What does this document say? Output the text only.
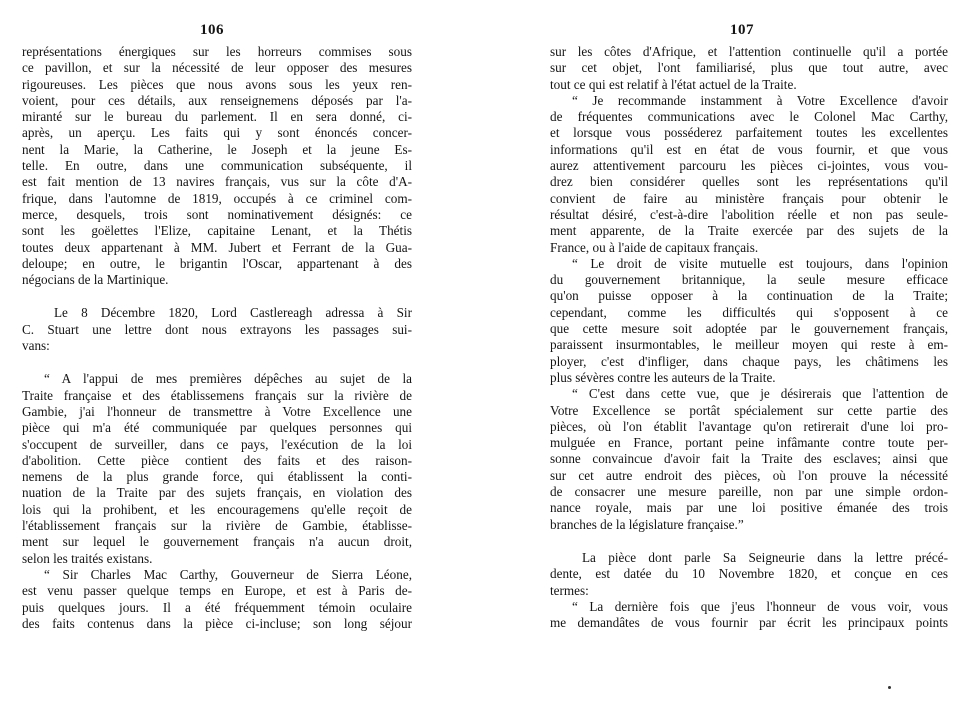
106
représentations énergiques sur les horreurs commises sous
ce pavillon, et sur la nécessité de leur opposer des mesures
rigoureuses. Les pièces que nous avons sous les yeux ren-
voient, pour ces détails, aux renseignemens déposés par l'a-
miranté sur le bureau du parlement. Il en sera donné, ci-
après, un aperçu. Les faits qui y sont énoncés concer-
nent la Marie, la Catherine, le Joseph et la jeune Es-
telle. En outre, dans une communication subséquente, il
est fait mention de 13 navires français, vus sur la côte d'A-
frique, dans l'automne de 1819, occupés à ce criminel com-
merce, desquels, trois sont nominativement désignés: ce
sont les goëlettes l'Elize, capitaine Lenant, et la Thétis
toutes deux appartenant à MM. Jubert et Ferrant de la Gua-
deloupe; en outre, le brigantin l'Oscar, appartenant à des
négocians de la Martinique.
Le 8 Décembre 1820, Lord Castlereagh adressa à Sir
C. Stuart une lettre dont nous extrayons les passages sui-
vans:
“ A l'appui de mes premières dépêches au sujet de la
Traite française et des établissemens français sur la rivière de
Gambie, j'ai l'honneur de transmettre à Votre Excellence une
pièce qui m'a été communiquée par quelques personnes qui
s'occupent de surveiller, dans ce pays, l'exécution de la loi
d'abolition. Cette pièce contient des faits et des raison-
nemens de la plus grande force, qui établissent la conti-
nuation de la Traite par des sujets français, en violation des
lois qui la prohibent, et les encouragemens qu'elle reçoit de
l'établissement français sur la rivière de Gambie, établisse-
ment sur lequel le gouvernement français n'a aucun droit,
selon les traités existans.
“ Sir Charles Mac Carthy, Gouverneur de Sierra Léone,
est venu passer quelque temps en Europe, et est à Paris de-
puis quelques jours. Il a été fréquemment témoin oculaire
des faits contenus dans la pièce ci-incluse; son long séjour
107
sur les côtes d'Afrique, et l'attention continuelle qu'il a portée
sur cet objet, l'ont familiarisé, plus que tout autre, avec
tout ce qui est relatif à l'état actuel de la Traite.
“ Je recommande instamment à Votre Excellence d'avoir
de fréquentes communications avec le Colonel Mac Carthy,
et lorsque vous posséderez parfaitement toutes les excellentes
informations qu'il est en état de vous fournir, et que vous
aurez attentivement parcouru les pièces ci-jointes, vous vou-
drez bien considérer quelles sont les représentations qu'il
convient de faire au ministère français pour obtenir le
résultat désiré, c'est-à-dire l'abolition réelle et non pas seule-
ment apparente, de la Traite exercée par des sujets de la
France, ou à l'aide de capitaux français.
“ Le droit de visite mutuelle est toujours, dans l'opinion
du gouvernement britannique, la seule mesure efficace
qu'on puisse opposer à la continuation de la Traite;
cependant, comme les difficultés qui s'opposent à ce
que cette mesure soit adoptée par le gouvernement français,
paraissent insurmontables, le meilleur moyen qui reste à em-
ployer, c'est d'infliger, dans chaque pays, les châtimens les
plus sévères contre les auteurs de la Traite.
“ C'est dans cette vue, que je désirerais que l'attention de
Votre Excellence se portât spécialement sur cette partie des
pièces, où l'on établit l'avantage qu'on retirerait d'une loi pro-
mulguée en France, portant peine infâmante contre toute per-
sonne convaincue d'avoir fait la Traite des esclaves; ainsi que
sur cet autre endroit des pièces, où l'on prouve la nécessité
de consacrer une mesure pareille, non par une simple ordon-
nance royale, mais par une loi positive émanée des trois
branches de la législature française.”
La pièce dont parle Sa Seigneurie dans la lettre précé-
dente, est datée du 10 Novembre 1820, et conçue en ces
termes:
“ La dernière fois que j'eus l'honneur de vous voir, vous
me demandâtes de vous fournir par écrit les principaux points
